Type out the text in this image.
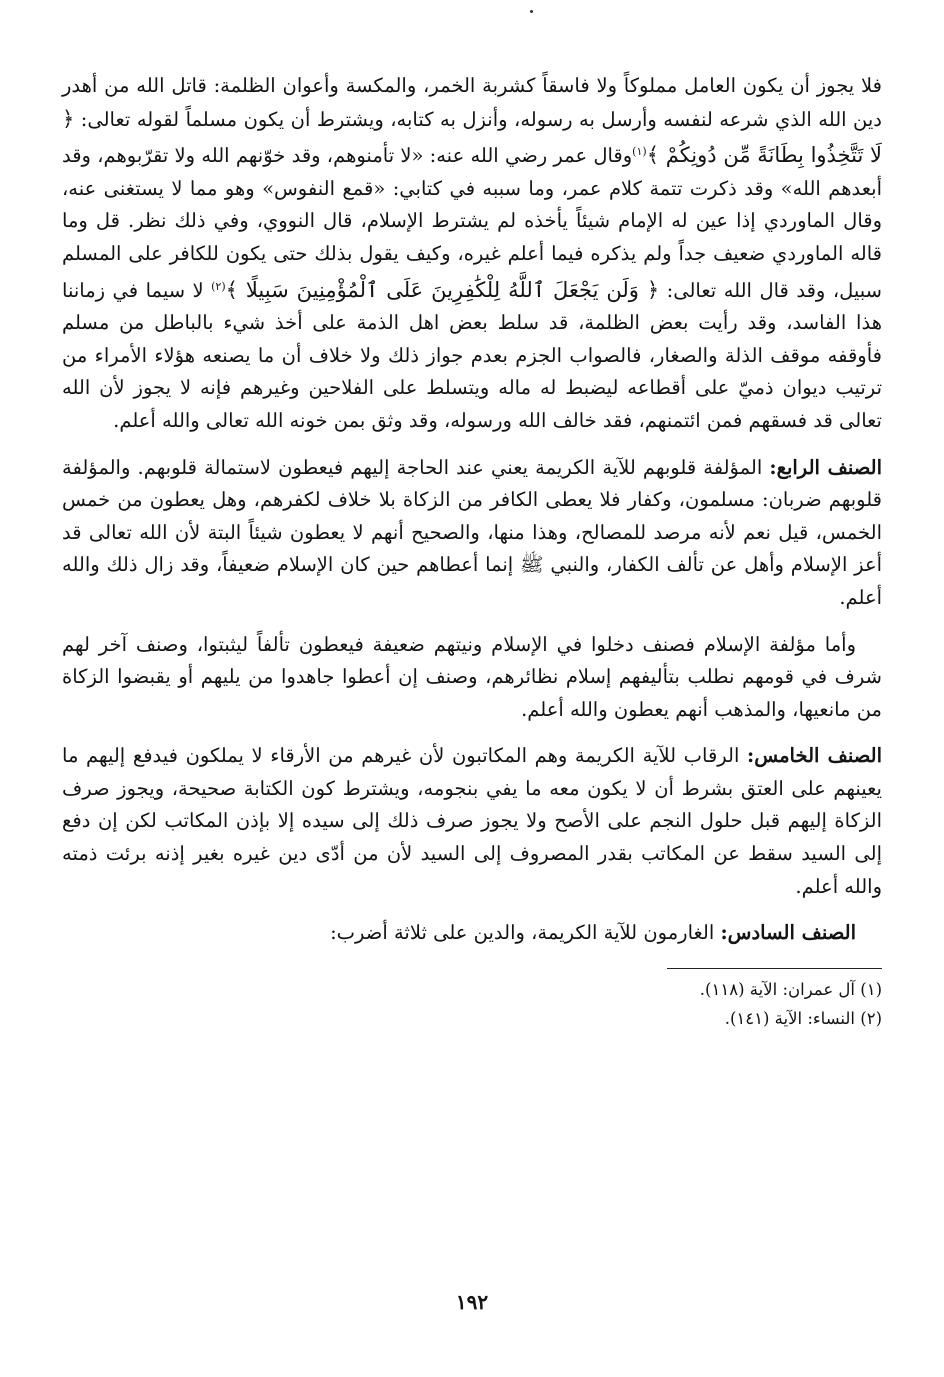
فلا يجوز أن يكون العامل مملوكاً ولا فاسقاً كشربة الخمر، والمكسة وأعوان الظلمة: قاتل الله من أهدر دين الله الذي شرعه لنفسه وأرسل به رسوله، وأنزل به كتابه، ويشترط أن يكون مسلماً لقوله تعالى: ﴿ لَا تَتَّخِذُوا بِطَانَةً مِّن دُونِكُمْ ﴾$^{(١)}$وقال عمر رضي الله عنه: «لا تأمنوهم، وقد خوّنهم الله ولا تقرّبوهم، وقد أبعدهم الله» وقد ذكرت تتمة كلام عمر، وما سببه في كتابي: «قمع النفوس» وهو مما لا يستغنى عنه، وقال الماوردي إذا عين له الإمام شيئاً يأخذه لم يشترط الإسلام، قال النووي، وفي ذلك نظر. قل وما قاله الماوردي ضعيف جداً ولم يذكره فيما أعلم غيره، وكيف يقول بذلك حتى يكون للكافر على المسلم سبيل، وقد قال الله تعالى: ﴿ وَلَن يَجْعَلَ ٱللَّهُ لِلْكَٰفِرِينَ عَلَى ٱلْمُؤْمِنِينَ سَبِيلًا ﴾$^{(٢)}$ لا سيما في زماننا هذا الفاسد، وقد رأيت بعض الظلمة، قد سلط بعض اهل الذمة على أخذ شيء بالباطل من مسلم فأوقفه موقف الذلة والصغار، فالصواب الجزم بعدم جواز ذلك ولا خلاف أن ما يصنعه هؤلاء الأمراء من ترتيب ديوان ذميّ على أقطاعه ليضبط له ماله ويتسلط على الفلاحين وغيرهم فإنه لا يجوز لأن الله تعالى قد فسقهم فمن ائتمنهم، فقد خالف الله ورسوله، وقد وثق بمن خونه الله تعالى والله أعلم.

الصنف الرابع: المؤلفة قلوبهم للآية الكريمة يعني عند الحاجة إليهم فيعطون لاستمالة قلوبهم. والمؤلفة قلوبهم ضربان: مسلمون، وكفار فلا يعطى الكافر من الزكاة بلا خلاف لكفرهم، وهل يعطون من خمس الخمس، قيل نعم لأنه مرصد للمصالح، وهذا منها، والصحيح أنهم لا يعطون شيئاً البتة لأن الله تعالى قد أعز الإسلام وأهل عن تألف الكفار، والنبي ﷺ إنما أعطاهم حين كان الإسلام ضعيفاً، وقد زال ذلك والله أعلم.

وأما مؤلفة الإسلام فصنف دخلوا في الإسلام ونيتهم ضعيفة فيعطون تألفاً ليثبتوا، وصنف آخر لهم شرف في قومهم نطلب بتأليفهم إسلام نظائرهم، وصنف إن أعطوا جاهدوا من يليهم أو يقبضوا الزكاة من مانعيها، والمذهب أنهم يعطون والله أعلم.

الصنف الخامس: الرقاب للآية الكريمة وهم المكاتبون لأن غيرهم من الأرقاء لا يملكون فيدفع إليهم ما يعينهم على العتق بشرط أن لا يكون معه ما يفي بنجومه، ويشترط كون الكتابة صحيحة، ويجوز صرف الزكاة إليهم قبل حلول النجم على الأصح ولا يجوز صرف ذلك إلى سيده إلا بإذن المكاتب لكن إن دفع إلى السيد سقط عن المكاتب بقدر المصروف إلى السيد لأن من أدّى دين غيره بغير إذنه برئت ذمته والله أعلم.

الصنف السادس: الغارمون للآية الكريمة، والدين على ثلاثة أضرب:

(١) آل عمران: الآية (١١٨).
(٢) النساء: الآية (١٤١).
١٩٢
